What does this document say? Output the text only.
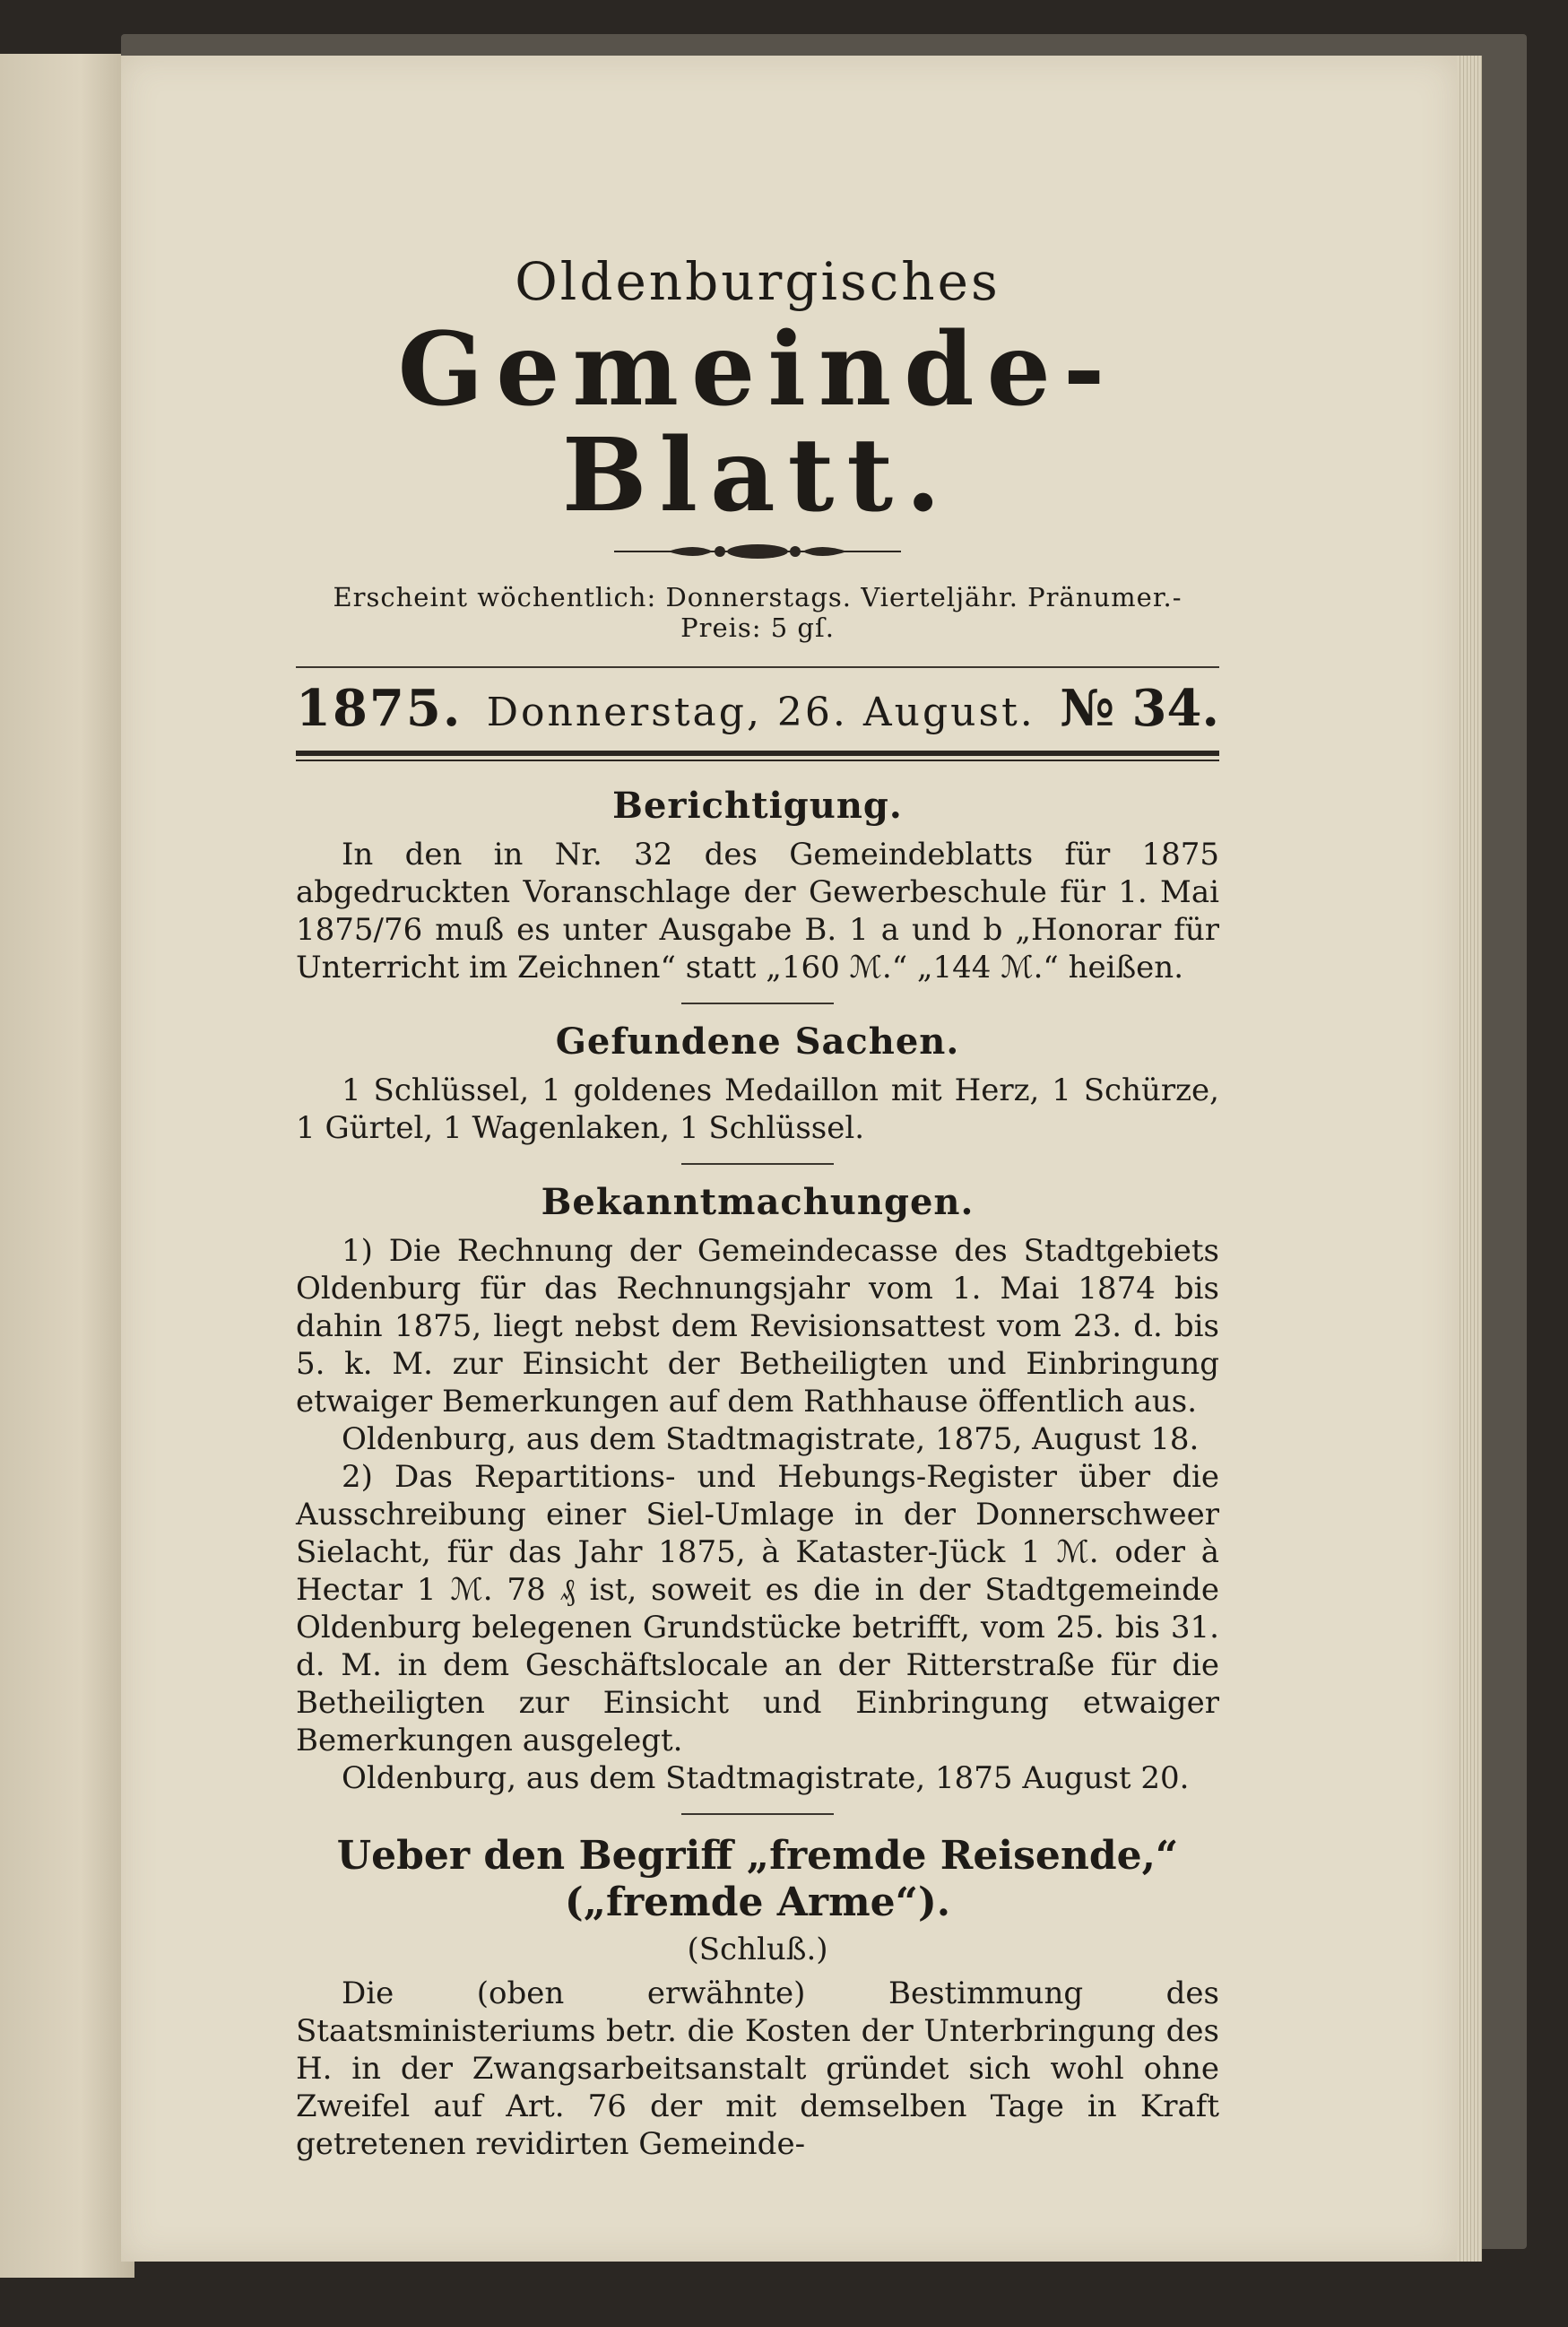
Oldenburgisches
Gemeinde-Blatt.
Erscheint wöchentlich: Donnerstags. Vierteljähr. Pränumer.-Preis: 5 gſ.
1875. Donnerstag, 26. August. № 34.
Berichtigung.

In den in Nr. 32 des Gemeindeblatts für 1875 abgedruckten Voranschlage der Gewerbeschule für 1. Mai 1875/76 muß es unter Ausgabe B. 1 a und b „Honorar für Unterricht im Zeichnen“ statt „160 ℳ.“ „144 ℳ.“ heißen.

Gefundene Sachen.

1 Schlüssel, 1 goldenes Medaillon mit Herz, 1 Schürze, 1 Gürtel, 1 Wagenlaken, 1 Schlüssel.

Bekanntmachungen.

1) Die Rechnung der Gemeindecasse des Stadtgebiets Oldenburg für das Rechnungsjahr vom 1. Mai 1874 bis dahin 1875, liegt nebst dem Revisionsattest vom 23. d. bis 5. k. M. zur Einsicht der Betheiligten und Einbringung etwaiger Bemerkungen auf dem Rathhause öffentlich aus.

Oldenburg, aus dem Stadtmagistrate, 1875, August 18.

2) Das Repartitions- und Hebungs-Register über die Ausschreibung einer Siel-Umlage in der Donnerschweer Sielacht, für das Jahr 1875, à Kataster-Jück 1 ℳ. oder à Hectar 1 ℳ. 78 ₰ ist, soweit es die in der Stadtgemeinde Oldenburg belegenen Grundstücke betrifft, vom 25. bis 31. d. M. in dem Geschäftslocale an der Ritterstraße für die Betheiligten zur Einsicht und Einbringung etwaiger Bemerkungen ausgelegt.

Oldenburg, aus dem Stadtmagistrate, 1875 August 20.

Ueber den Begriff „fremde Reisende,“
(„fremde Arme“).
(Schluß.)

Die (oben erwähnte) Bestimmung des Staatsministeriums betr. die Kosten der Unterbringung des H. in der Zwangsarbeitsanstalt gründet sich wohl ohne Zweifel auf Art. 76 der mit demselben Tage in Kraft getretenen revidirten Gemeinde-
